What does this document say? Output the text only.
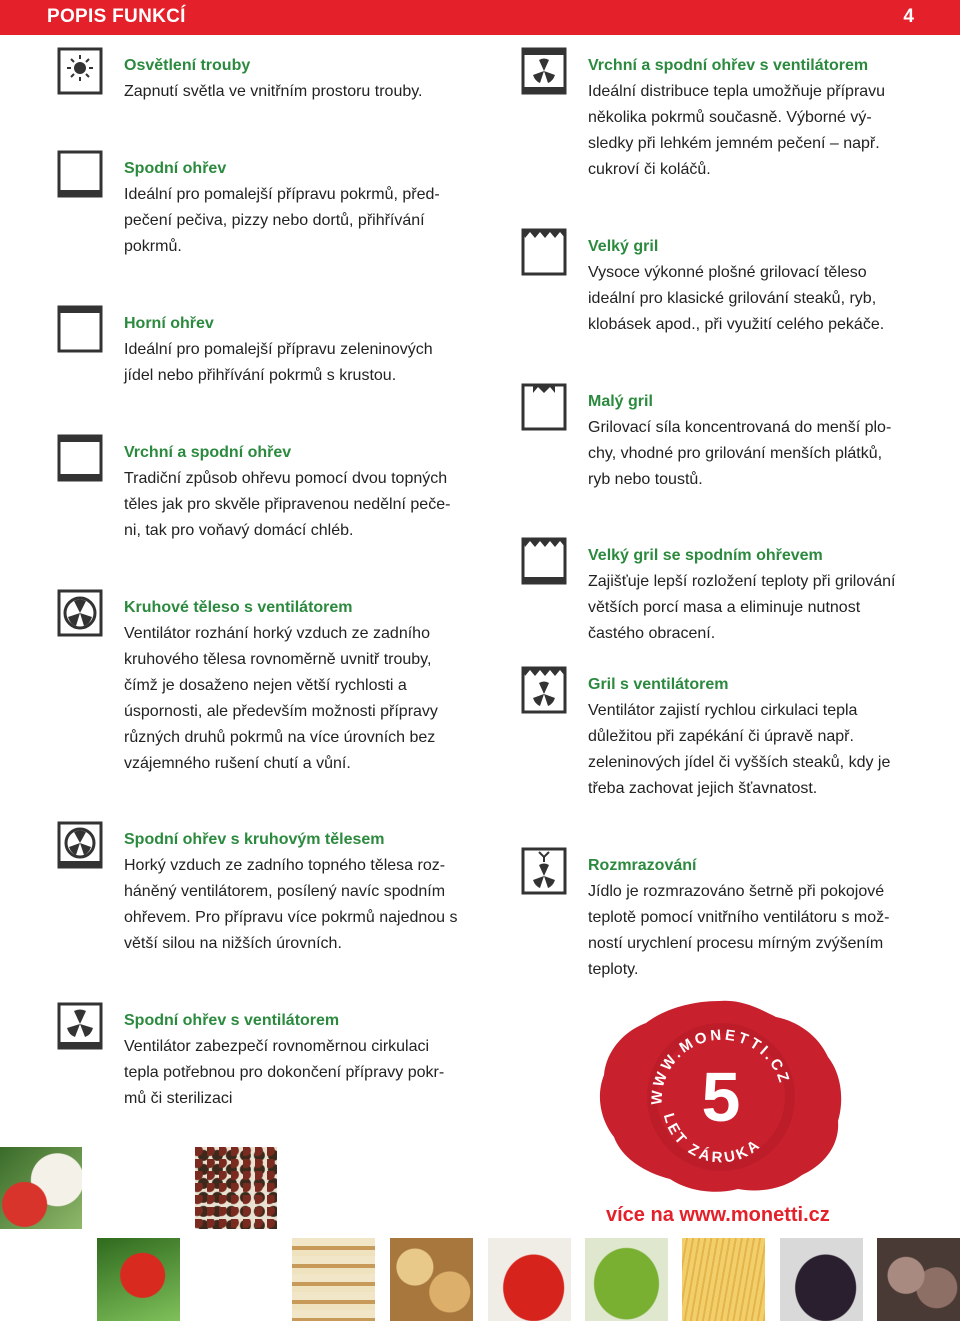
POPIS FUNKCÍ	4
Osvětlení trouby
Zapnutí světla ve vnitřním prostoru trouby.
Spodní ohřev
Ideální pro pomalejší přípravu pokrmů, předpečení pečiva, pizzy nebo dortů, přihřívání pokrmů.
Horní ohřev
Ideální pro pomalejší přípravu zeleninových jídel nebo přihřívání pokrmů s krustou.
Vrchní a spodní ohřev
Tradiční způsob ohřevu pomocí dvou topných těles jak pro skvěle připravenou nedělní pečeni, tak pro voňavý domácí chléb.
Kruhové těleso s ventilátorem
Ventilátor rozhání horký vzduch ze zadního kruhového tělesa rovnoměrně uvnitř trouby, čímž je dosaženo nejen větší rychlosti a úspornosti, ale především možnosti přípravy různých druhů pokrmů na více úrovních bez vzájemného rušení chutí a vůní.
Spodní ohřev s kruhovým tělesem
Horký vzduch ze zadního topného tělesa rozháněný ventilátorem, posílený navíc spodním ohřevem. Pro přípravu více pokrmů najednou s větší silou na nižších úrovních.
Spodní ohřev s ventilátorem
Ventilátor zabezpečí rovnoměrnou cirkulaci tepla potřebnou pro dokončení přípravy pokrmů či sterilizaci
Vrchní a spodní ohřev s ventilátorem
Ideální distribuce tepla umožňuje přípravu několika pokrmů současně. Výborné výsledky při lehkém jemném pečení – např. cukroví či koláčů.
Velký gril
Vysoce výkonné plošné grilovací těleso ideální pro klasické grilování steaků, ryb, klobásek apod., při využití celého pekáče.
Malý gril
Grilovací síla koncentrovaná do menší plochy, vhodné pro grilování menších plátků, ryb nebo toustů.
Velký gril se spodním ohřevem
Zajišťuje lepší rozložení teploty při grilování větších porcí masa a eliminuje nutnost častého obracení.
Gril s ventilátorem
Ventilátor zajistí rychlou cirkulaci tepla důležitou při zapékání či úpravě např. zeleninových jídel či vyšších steaků, kdy je třeba zachovat jejich šťavnatost.
Rozmrazování
Jídlo je rozmrazováno šetrně při pokojové teplotě pomocí vnitřního ventilátoru s možností urychlení procesu mírným zvýšením teploty.
WWW.MONETTI.CZ
LET ZÁRUKA
5
více na www.monetti.cz
